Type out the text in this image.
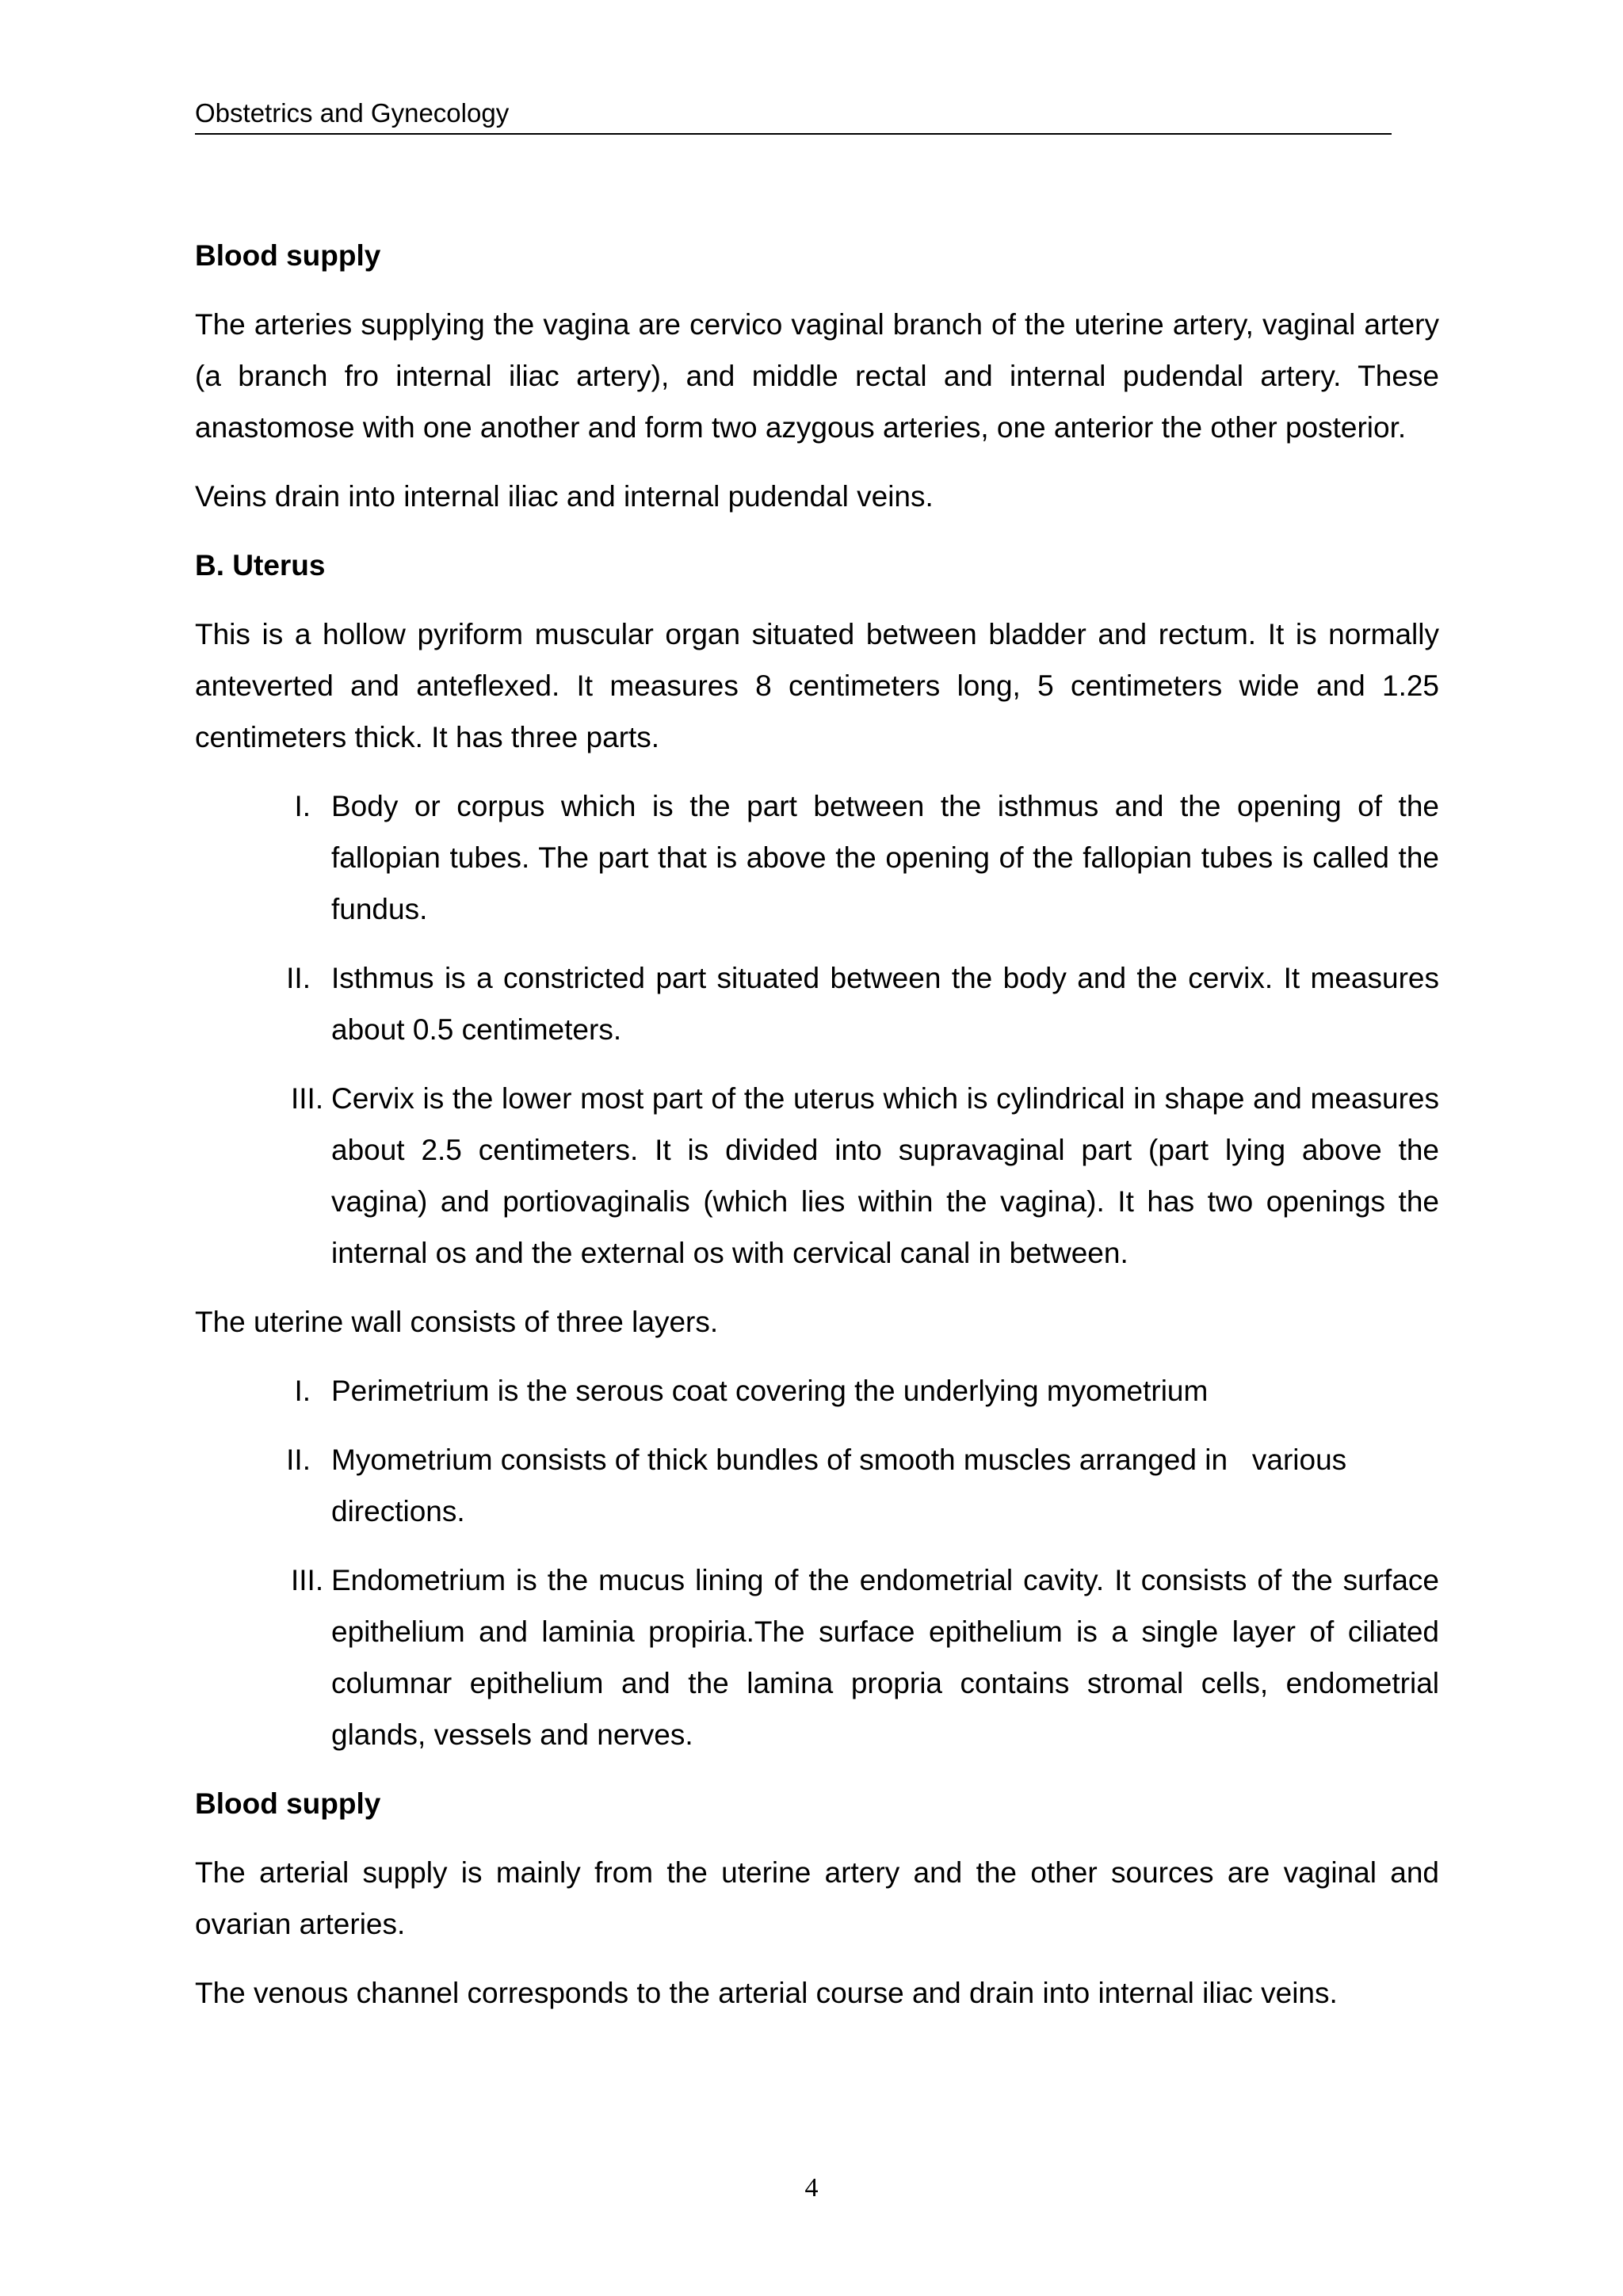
Obstetrics and Gynecology
Blood supply
The arteries supplying the vagina are cervico vaginal branch of the uterine artery, vaginal artery (a branch fro internal iliac artery), and middle rectal and internal pudendal artery. These anastomose with one another and form two azygous arteries, one anterior the other posterior.
Veins drain into internal iliac and internal pudendal veins.
B. Uterus
This is a hollow pyriform muscular organ situated between bladder and rectum. It is normally anteverted and anteflexed. It measures 8 centimeters long, 5 centimeters wide and 1.25 centimeters thick. It has three parts.
I. Body or corpus which is the part between the isthmus and the opening of the fallopian tubes. The part that is above the opening of the fallopian tubes is called the fundus.
II. Isthmus is a constricted part situated between the body and the cervix. It measures about 0.5 centimeters.
III. Cervix is the lower most part of the uterus which is cylindrical in shape and measures about 2.5 centimeters. It is divided into supravaginal part (part lying above the vagina) and portiovaginalis (which lies within the vagina). It has two openings the internal os and the external os with cervical canal in between.
The uterine wall consists of three layers.
I. Perimetrium is the serous coat covering the underlying myometrium
II. Myometrium consists of thick bundles of smooth muscles arranged in   various directions.
III. Endometrium is the mucus lining of the endometrial cavity. It consists of the surface epithelium and laminia propiria.The surface epithelium is a single layer of ciliated columnar epithelium and the lamina propria contains stromal cells, endometrial glands, vessels and nerves.
Blood supply
The arterial supply is mainly from the uterine artery and the other sources are vaginal and ovarian arteries.
The venous channel corresponds to the arterial course and drain into internal iliac veins.
4
